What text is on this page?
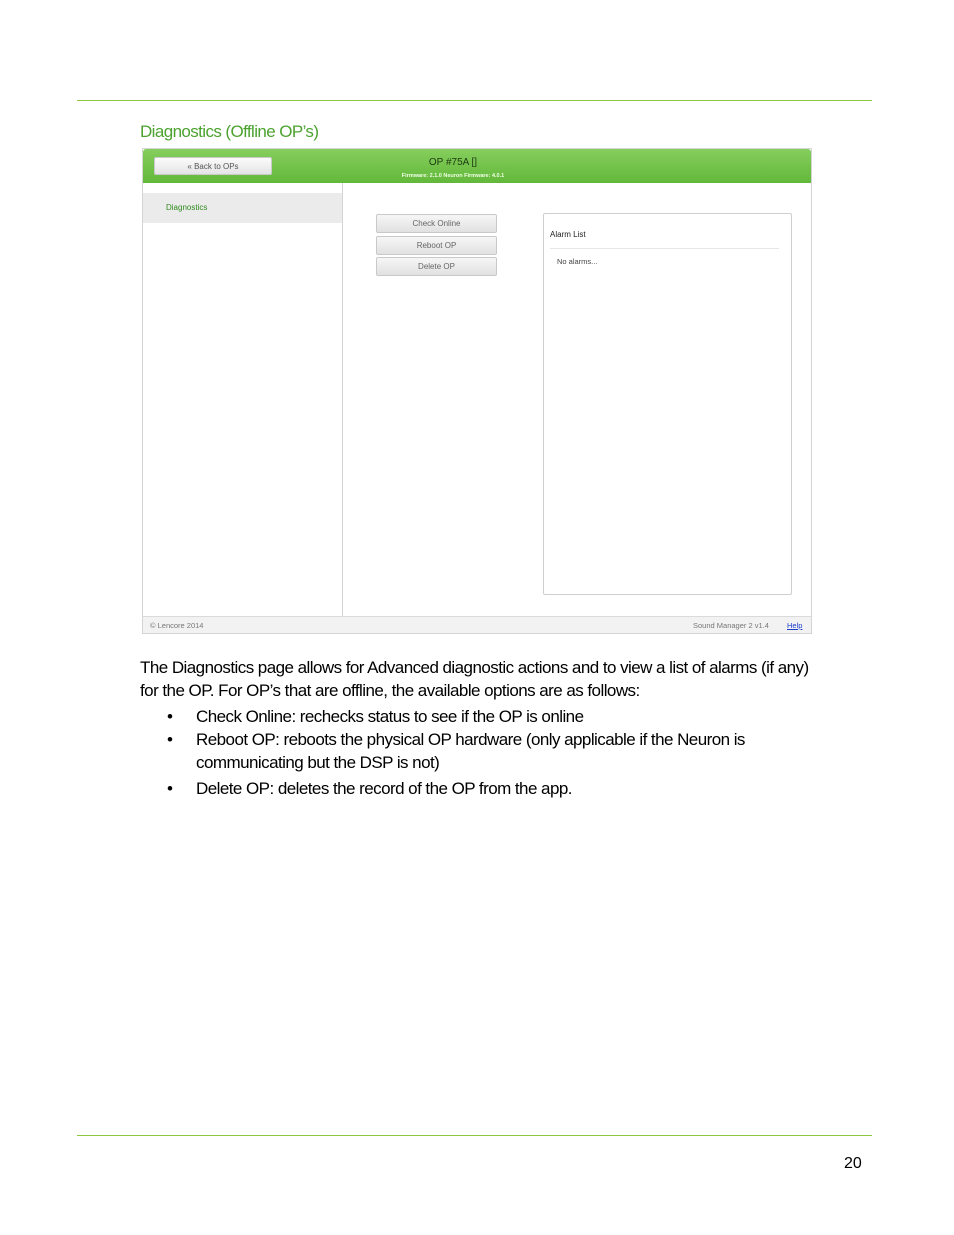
Diagnostics (Offline OP’s)
« Back to OPs	OP #75A []
Firmware: 2.1.0 Neuron Firmware: 4.0.1
Diagnostics
Check Online
Reboot OP
Delete OP
Alarm List
No alarms...
© Lencore 2014	Sound Manager 2 v1.4 Help
The Diagnostics page allows for Advanced diagnostic actions and to view a list of alarms (if any) for the OP. For OP’s that are offline, the available options are as follows:
• Check Online: rechecks status to see if the OP is online
• Reboot OP: reboots the physical OP hardware (only applicable if the Neuron is communicating but the DSP is not)
• Delete OP: deletes the record of the OP from the app.
20
